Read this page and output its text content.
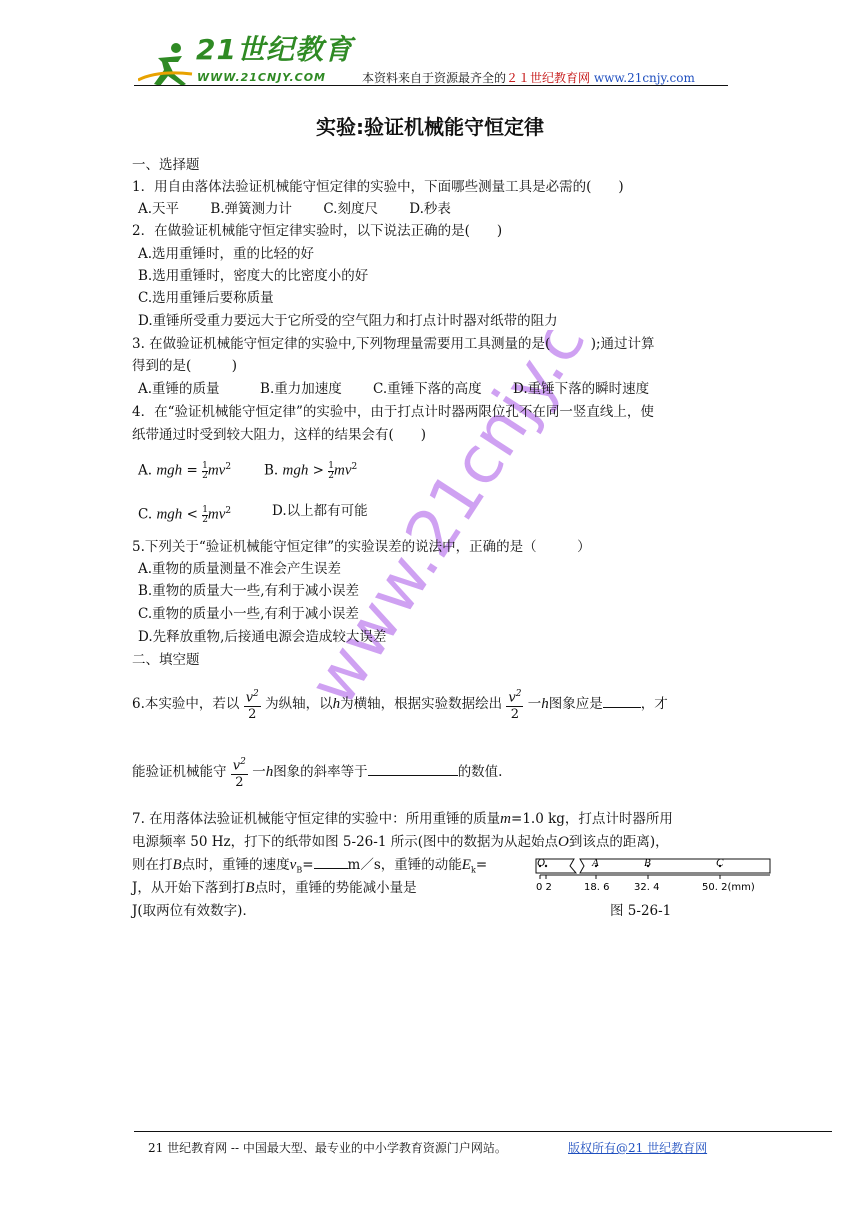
21世纪教育
WWW.21CNJY.COM	本资料来自于资源最齐全的２１世纪教育网 www.21cnjy.com
实验:验证机械能守恒定律
www.21cnjy.com
一、选择题
1．用自由落体法验证机械能守恒定律的实验中，下面哪些测量工具是必需的(　　)
A.天平　　 B.弹簧测力计　　 C.刻度尺　　 D.秒表
2．在做验证机械能守恒定律实验时，以下说法正确的是(　　)
A.选用重锤时，重的比轻的好
B.选用重锤时，密度大的比密度小的好
C.选用重锤后要称质量
D.重锤所受重力要远大于它所受的空气阻力和打点计时器对纸带的阻力
3. 在做验证机械能守恒定律的实验中,下列物理量需要用工具测量的是(　　　);通过计算
得到的是(　　　)
A.重锤的质量　　　B.重力加速度　　 C.重锤下落的高度　　 D.重锤下落的瞬时速度
4．在“验证机械能守恒定律”的实验中，由于打点计时器两限位孔不在同一竖直线上，使
纸带通过时受到较大阻力，这样的结果会有(　　)
A. mgh = $\frac{1}{2}mv^2$ B. mgh > $\frac{1}{2}mv^2$
C. mgh < $\frac{1}{2}mv^2$	D.以上都有可能
5.下列关于“验证机械能守恒定律”的实验误差的说法中，正确的是（　　　）
A.重物的质量测量不准会产生误差
B.重物的质量大一些,有利于减小误差
C.重物的质量小一些,有利于减小误差
D.先释放重物,后接通电源会造成较大误差
二、填空题
6.本实验中，若以 $\frac{v^2}{2}$ 为纵轴，以h为横轴，根据实验数据绘出 $\frac{v^2}{2}$ 一h图象应是	，才
能验证机械能守 $\frac{v^2}{2}$ 一h图象的斜率等于	的数值.
7. 在用落体法验证机械能守恒定律的实验中：所用重锤的质量m=1.0 kg，打点计时器所用
电源频率 50 Hz，打下的纸带如图 5-26-1 所示(图中的数据为从起始点O到该点的距离)，
则在打B点时，重锤的速度$v_B=$	m／s，重锤的动能$E_k=$
J，从开始下落到打B点时，重锤的势能减小量是
J(取两位有效数字)．
O	A	B	C
0 2	18. 6 32. 4	50. 2(mm)
图 5-26-1
21 世纪教育网 -- 中国最大型、最专业的中小学教育资源门户网站。	版权所有@21 世纪教育网
